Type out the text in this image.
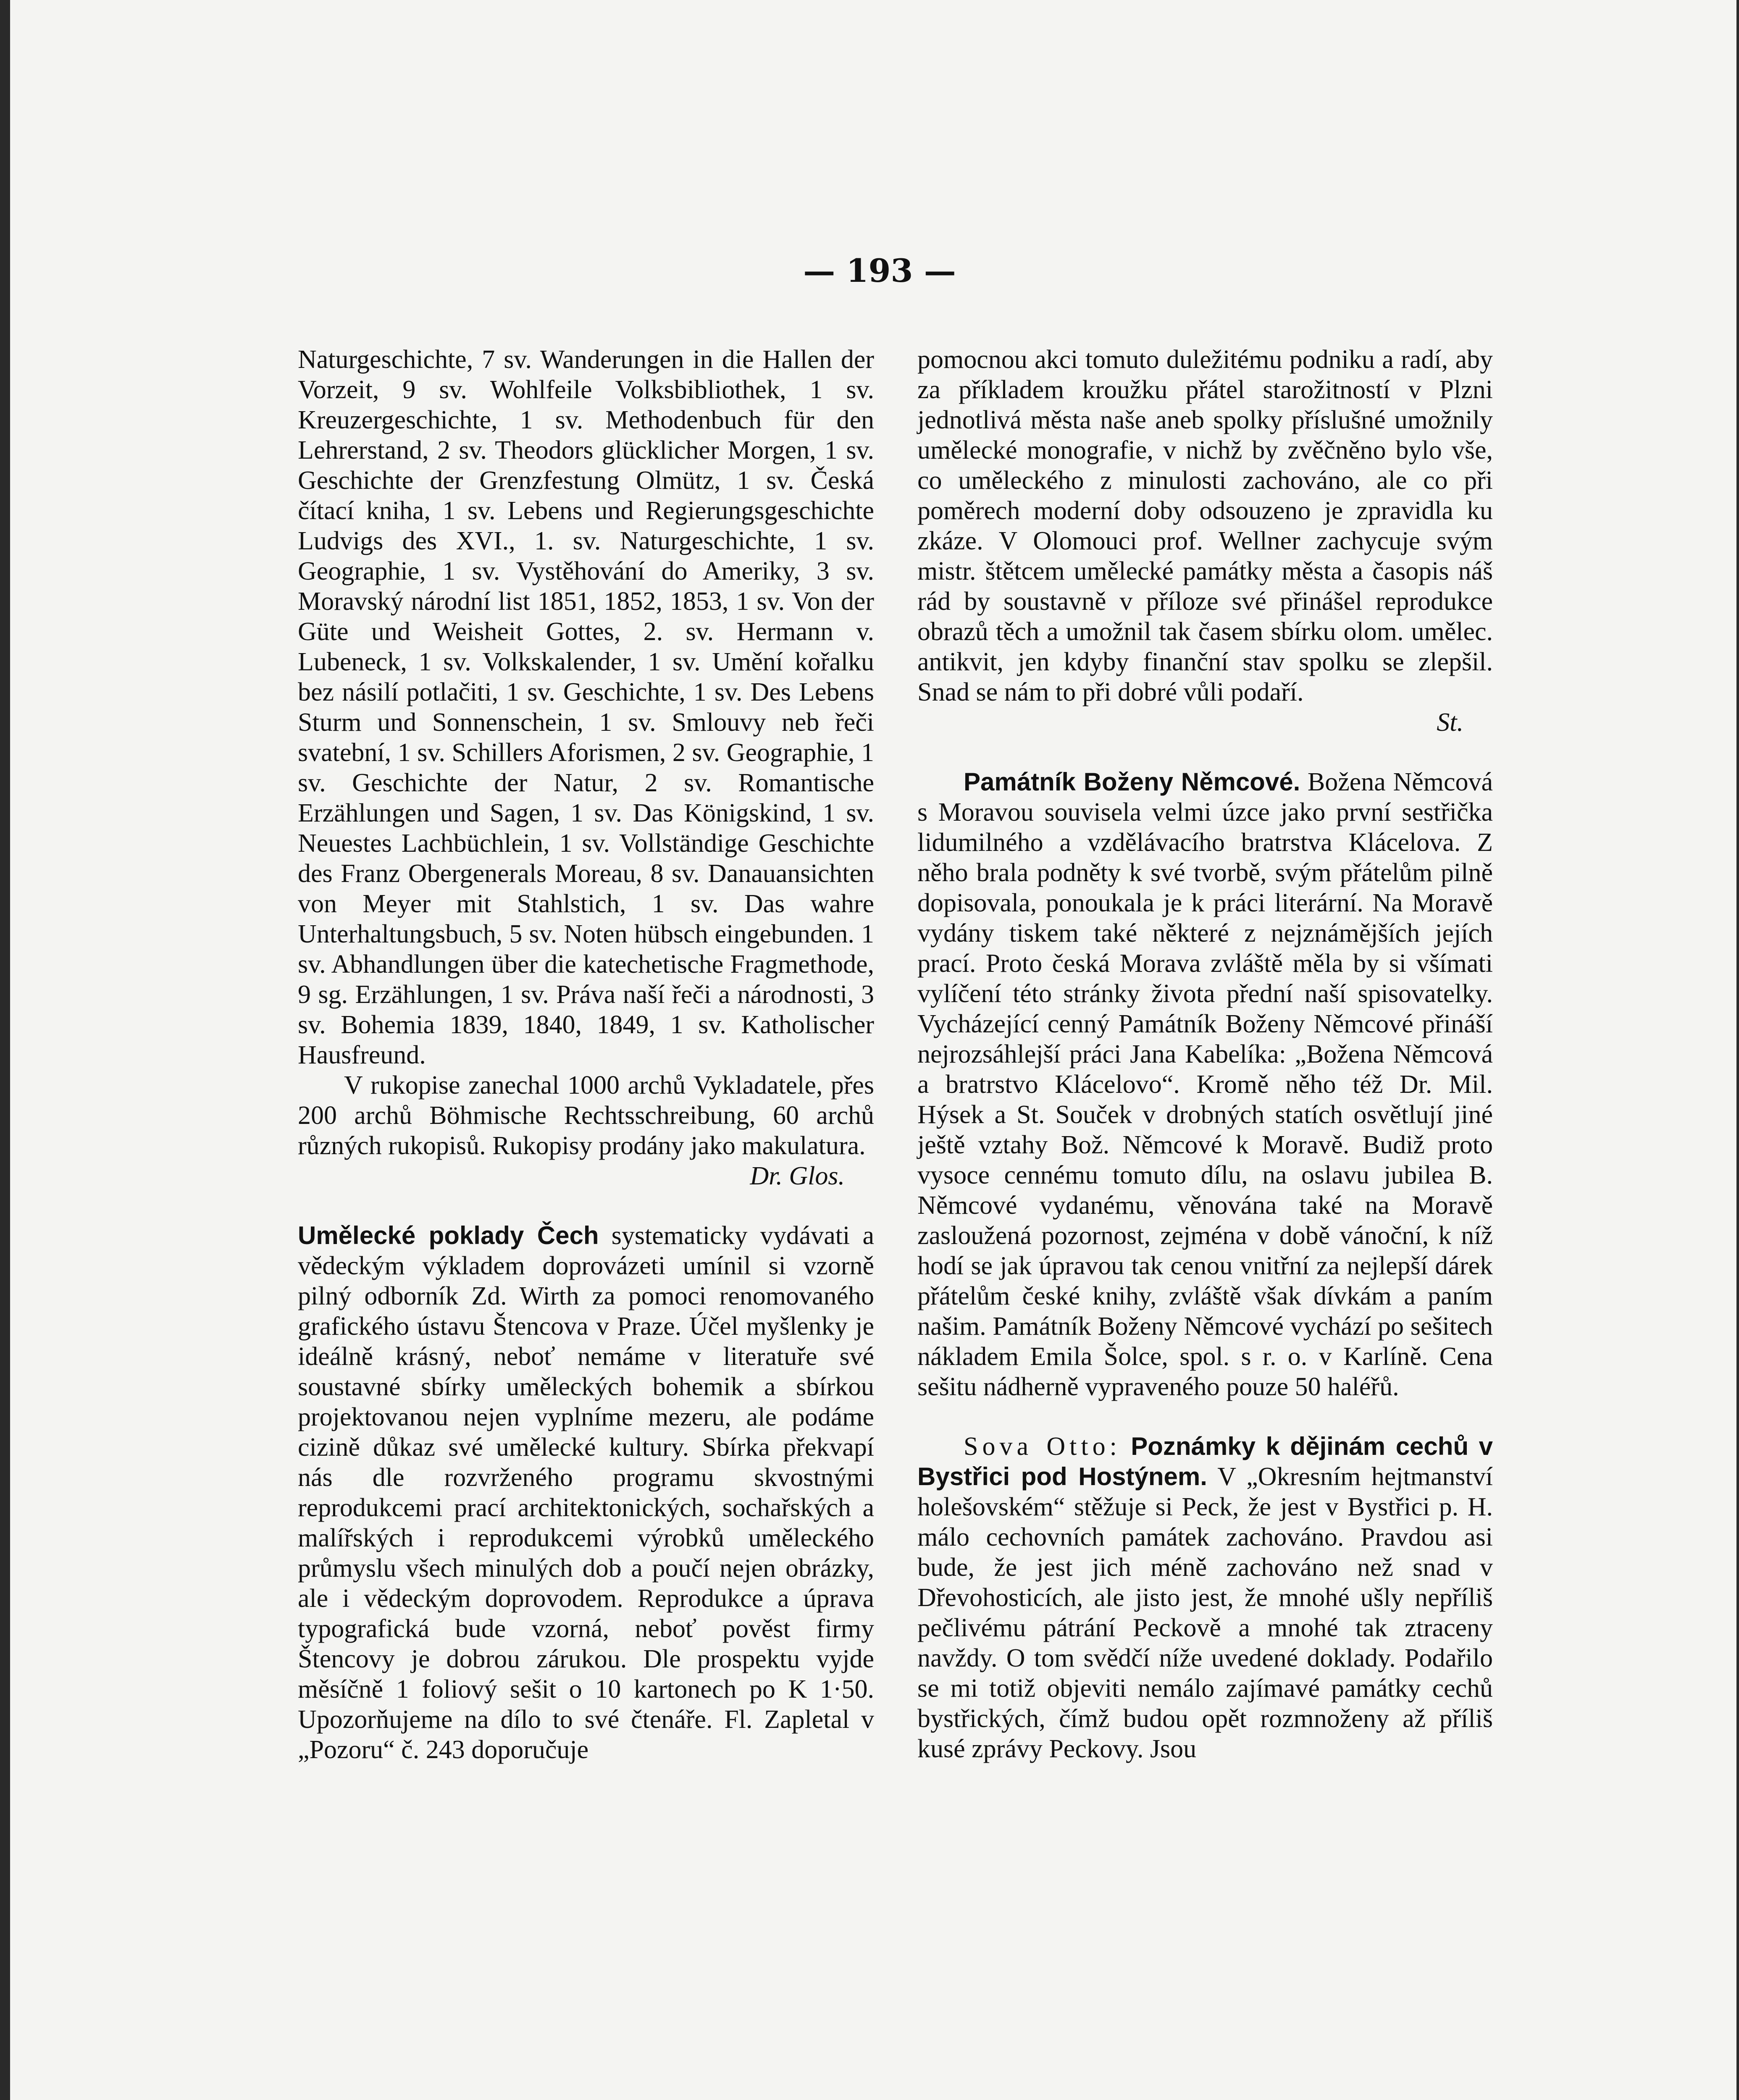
— 193 —

Naturgeschichte, 7 sv. Wanderungen in die Hallen der Vorzeit, 9 sv. Wohlfeile Volksbibliothek, 1 sv. Kreuzergeschichte, 1 sv. Methodenbuch für den Lehrerstand, 2 sv. Theodors glücklicher Morgen, 1 sv. Geschichte der Grenzfestung Olmütz, 1 sv. Česká čítací kniha, 1 sv. Lebens und Regierungsgeschichte Ludvigs des XVI., 1. sv. Naturgeschichte, 1 sv. Geographie, 1 sv. Vystěhování do Ameriky, 3 sv. Moravský národní list 1851, 1852, 1853, 1 sv. Von der Güte und Weisheit Gottes, 2. sv. Hermann v. Lubeneck, 1 sv. Volkskalender, 1 sv. Umění kořalku bez násilí potlačiti, 1 sv. Geschichte, 1 sv. Des Lebens Sturm und Sonnenschein, 1 sv. Smlouvy neb řeči svatební, 1 sv. Schillers Aforismen, 2 sv. Geographie, 1 sv. Geschichte der Natur, 2 sv. Romantische Erzählungen und Sagen, 1 sv. Das Königskind, 1 sv. Neuestes Lachbüchlein, 1 sv. Vollständige Geschichte des Franz Obergenerals Moreau, 8 sv. Danauansichten von Meyer mit Stahlstich, 1 sv. Das wahre Unterhaltungsbuch, 5 sv. Noten hübsch eingebunden. 1 sv. Abhandlungen über die katechetische Fragmethode, 9 sg. Erzählungen, 1 sv. Práva naší řeči a národnosti, 3 sv. Bohemia 1839, 1840, 1849, 1 sv. Katholischer Hausfreund.

V rukopise zanechal 1000 archů Vykladatele, přes 200 archů Böhmische Rechtsschreibung, 60 archů různých rukopisů. Rukopisy prodány jako makulatura.

Dr. Glos.

Umělecké poklady Čech systematicky vydávati a vědeckým výkladem doprovázeti umínil si vzorně pilný odborník Zd. Wirth za pomoci renomovaného grafického ústavu Štencova v Praze. Účel myšlenky je ideálně krásný, neboť nemáme v literatuře své soustavné sbírky uměleckých bohemik a sbírkou projektovanou nejen vyplníme mezeru, ale podáme cizině důkaz své umělecké kultury. Sbírka překvapí nás dle rozvrženého programu skvostnými reprodukcemi prací architektonických, sochařských a malířských i reprodukcemi výrobků uměleckého průmyslu všech minulých dob a poučí nejen obrázky, ale i vědeckým doprovodem. Reprodukce a úprava typografická bude vzorná, neboť pověst firmy Štencovy je dobrou zárukou. Dle prospektu vyjde měsíčně 1 foliový sešit o 10 kartonech po K 1·50. Upozorňujeme na dílo to své čtenáře. Fl. Zapletal v „Pozoru“ č. 243 doporučuje

pomocnou akci tomuto duležitému podniku a radí, aby za příkladem kroužku přátel starožitností v Plzni jednotlivá města naše aneb spolky příslušné umožnily umělecké monografie, v nichž by zvěčněno bylo vše, co uměleckého z minulosti zachováno, ale co při poměrech moderní doby odsouzeno je zpravidla ku zkáze. V Olomouci prof. Wellner zachycuje svým mistr. štětcem umělecké památky města a časopis náš rád by soustavně v příloze své přinášel reprodukce obrazů těch a umožnil tak časem sbírku olom. umělec. antikvit, jen kdyby finanční stav spolku se zlepšil. Snad se nám to při dobré vůli podaří.

St.

Památník Boženy Němcové. Božena Němcová s Moravou souvisela velmi úzce jako první sestřička lidumilného a vzdělávacího bratrstva Klácelova. Z něho brala podněty k své tvorbě, svým přátelům pilně dopisovala, ponoukala je k práci literární. Na Moravě vydány tiskem také některé z nejznámějších jejích prací. Proto česká Morava zvláště měla by si všímati vylíčení této stránky života přední naší spisovatelky. Vycházející cenný Památník Boženy Němcové přináší nejrozsáhlejší práci Jana Kabelíka: „Božena Němcová a bratrstvo Klácelovo“. Kromě něho též Dr. Mil. Hýsek a St. Souček v drobných statích osvětlují jiné ještě vztahy Bož. Němcové k Moravě. Budiž proto vysoce cennému tomuto dílu, na oslavu jubilea B. Němcové vydanému, věnována také na Moravě zasloužená pozornost, zejména v době vánoční, k níž hodí se jak úpravou tak cenou vnitřní za nejlepší dárek přátelům české knihy, zvláště však dívkám a paním našim. Památník Boženy Němcové vychází po sešitech nákladem Emila Šolce, spol. s r. o. v Karlíně. Cena sešitu nádherně vypraveného pouze 50 haléřů.

Sova Otto: Poznámky k dějinám cechů v Bystřici pod Hostýnem. V „Okresním hejtmanství holešovském“ stěžuje si Peck, že jest v Bystřici p. H. málo cechovních památek zachováno. Pravdou asi bude, že jest jich méně zachováno než snad v Dřevohosticích, ale jisto jest, že mnohé ušly nepříliš pečlivému pátrání Peckově a mnohé tak ztraceny navždy. O tom svědčí níže uvedené doklady. Podařilo se mi totiž objeviti nemálo zajímavé památky cechů bystřických, čímž budou opět rozmnoženy až příliš kusé zprávy Peckovy. Jsou
